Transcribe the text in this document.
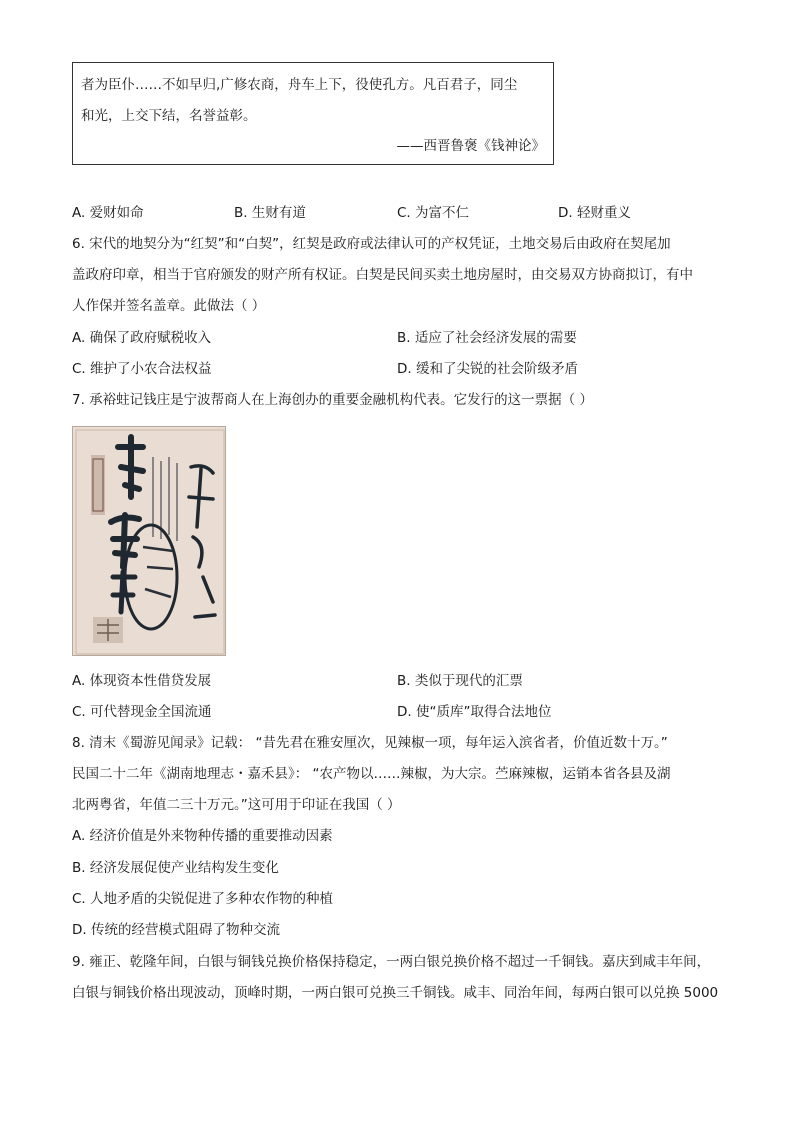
者为臣仆……不如早归,广修农商，舟车上下，役使孔方。凡百君子，同尘
和光，上交下结，名誉益彰。
——西晋鲁褒《钱神论》
A. 爱财如命	B. 生财有道	C. 为富不仁	D. 轻财重义
6. 宋代的地契分为“红契”和“白契”，红契是政府或法律认可的产权凭证，土地交易后由政府在契尾加
盖政府印章，相当于官府颁发的财产所有权证。白契是民间买卖土地房屋时，由交易双方协商拟订，有中
人作保并签名盖章。此做法（ ）
A. 确保了政府赋税收入	B. 适应了社会经济发展的需要
C. 维护了小农合法权益	D. 缓和了尖锐的社会阶级矛盾
7. 承裕蛀记钱庄是宁波帮商人在上海创办的重要金融机构代表。它发行的这一票据（ ）
A. 体现资本性借贷发展	B. 类似于现代的汇票
C. 可代替现金全国流通	D. 使“质库”取得合法地位
8. 清末《蜀游见闻录》记载： “昔先君在雅安厘次，见辣椒一项，每年运入滨省者，价值近数十万。”
民国二十二年《湖南地理志・嘉禾县》： “农产物以……辣椒，为大宗。苎麻辣椒，运销本省各县及湖
北两粤省，年值二三十万元。”这可用于印证在我国（ ）
A. 经济价值是外来物种传播的重要推动因素
B. 经济发展促使产业结构发生变化
C. 人地矛盾的尖锐促进了多种农作物的种植
D. 传统的经营模式阻碍了物种交流
9. 雍正、乾隆年间，白银与铜钱兑换价格保持稳定，一两白银兑换价格不超过一千铜钱。嘉庆到咸丰年间，
白银与铜钱价格出现波动，顶峰时期，一两白银可兑换三千铜钱。咸丰、同治年间，每两白银可以兑换 5000
